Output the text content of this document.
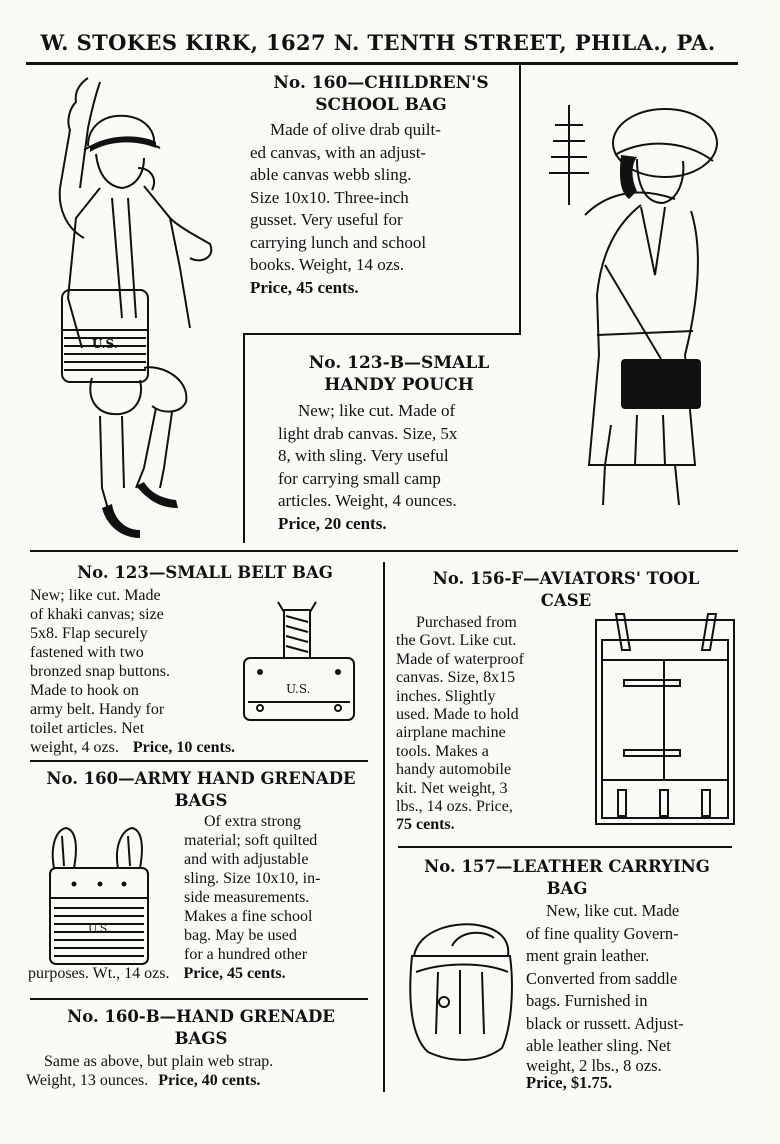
W. STOKES KIRK, 1627 N. TENTH STREET, PHILA., PA.
U.S.
No. 160—CHILDREN'S
SCHOOL BAG
Made of olive drab quilt-
ed canvas, with an adjust-
able canvas webb sling.
Size 10x10. Three-inch
gusset. Very useful for
carrying lunch and school
books. Weight, 14 ozs.
Price, 45 cents.
No. 123-B—SMALL
HANDY POUCH
New; like cut. Made of
light drab canvas. Size, 5x
8, with sling. Very useful
for carrying small camp
articles. Weight, 4 ounces.
Price, 20 cents.
No. 123—SMALL BELT BAG
New; like cut. Made
of khaki canvas; size
5x8. Flap securely
fastened with two
bronzed snap buttons.
Made to hook on
army belt. Handy for
toilet articles. Net
weight, 4 ozs. Price, 10 cents.
U.S.
No. 160—ARMY HAND GRENADE
BAGS
Of extra strong
material; soft quilted
and with adjustable
sling. Size 10x10, in-
side measurements.
Makes a fine school
bag. May be used
for a hundred other
purposes. Wt., 14 ozs. Price, 45 cents.
U.S.
No. 160-B—HAND GRENADE
BAGS
Same as above, but plain web strap.
Weight, 13 ounces. Price, 40 cents.
No. 156-F—AVIATORS' TOOL
CASE
Purchased from
the Govt. Like cut.
Made of waterproof
canvas. Size, 8x15
inches. Slightly
used. Made to hold
airplane machine
tools. Makes a
handy automobile
kit. Net weight, 3
lbs., 14 ozs. Price,
75 cents.
No. 157—LEATHER CARRYING
BAG
New, like cut. Made
of fine quality Govern-
ment grain leather.
Converted from saddle
bags. Furnished in
black or russett. Adjust-
able leather sling. Net
weight, 2 lbs., 8 ozs.
Price, $1.75.
